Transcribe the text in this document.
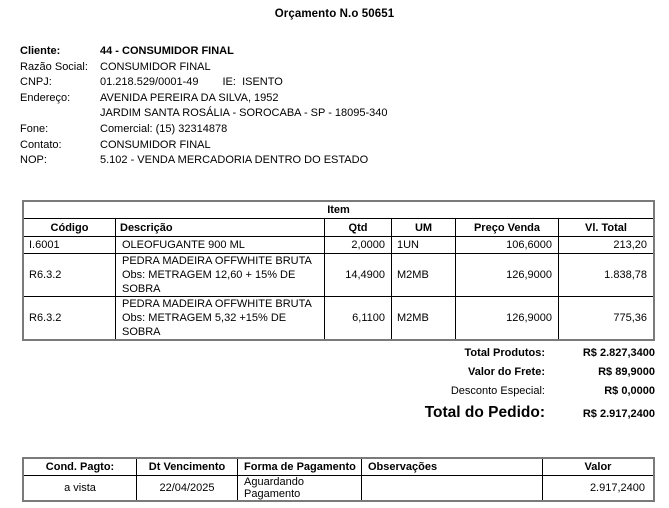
Orçamento N.o 50651
Cliente:	44 - CONSUMIDOR FINAL
Razão Social:	CONSUMIDOR FINAL
CNPJ:	01.218.529/0001-49 IE: ISENTO
Endereço:	AVENIDA PEREIRA DA SILVA, 1952
JARDIM SANTA ROSÁLIA - SOROCABA - SP - 18095-340
Fone:	Comercial: (15) 32314878
Contato:	CONSUMIDOR FINAL
NOP:	5.102 - VENDA MERCADORIA DENTRO DO ESTADO
Item					
Código	Descrição	Qtd	UM	Preço Venda	Vl. Total
I.6001	OLEOFUGANTE 900 ML	2,0000	1UN	106,6000	213,20
R6.3.2	PEDRA MADEIRA OFFWHITE BRUTA
Obs: METRAGEM 12,60 + 15% DE SOBRA	14,4900	M2MB	126,9000	1.838,78
R6.3.2	PEDRA MADEIRA OFFWHITE BRUTA
Obs: METRAGEM 5,32 +15% DE SOBRA	6,1100	M2MB	126,9000	775,36
Total Produtos:	R$ 2.827,3400
Valor do Frete:	R$ 89,9000
Desconto Especial:	R$ 0,0000
Total do Pedido:	R$ 2.917,2400
Cond. Pagto:	Dt Vencimento	Forma de Pagamento	Observações	Valor
a vista	22/04/2025	Aguardando Pagamento		2.917,2400
